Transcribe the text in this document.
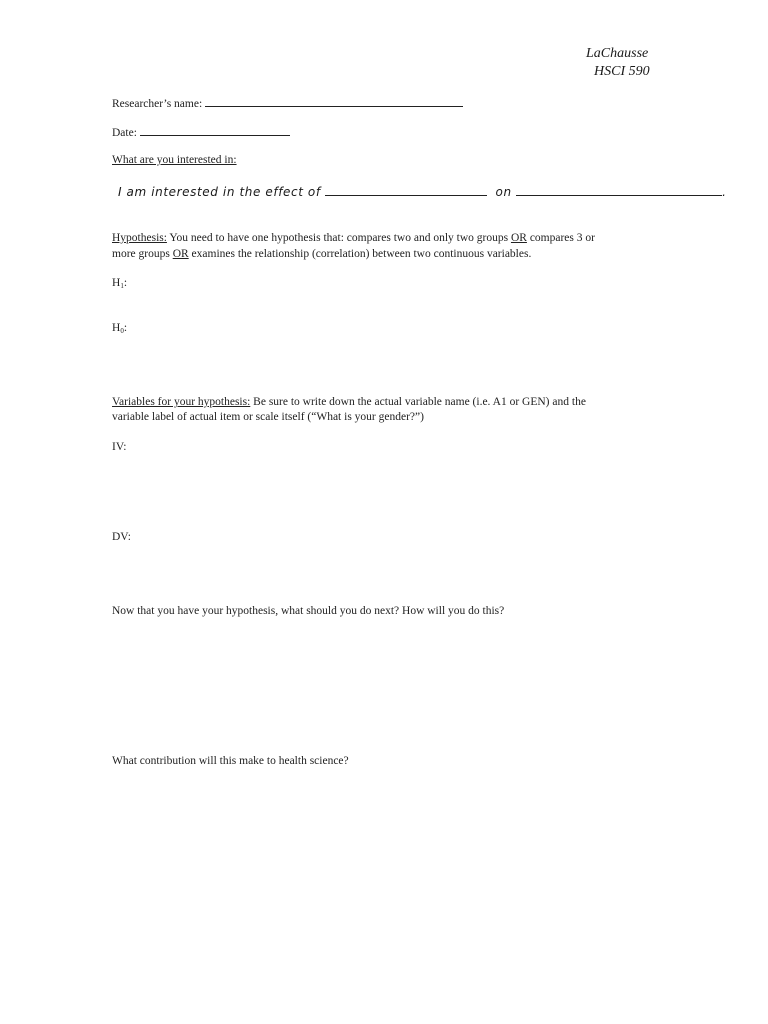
LaChausse
HSCI 590
Researcher’s name:
Date:
What are you interested in:
I am interested in the effect of	on	.
Hypothesis: You need to have one hypothesis that: compares two and only two groups OR compares 3 or
more groups OR examines the relationship (correlation) between two continuous variables.
$H_1$:
$H_0$:
Variables for your hypothesis: Be sure to write down the actual variable name (i.e. A1 or GEN) and the
variable label of actual item or scale itself (“What is your gender?”)
IV:
DV:
Now that you have your hypothesis, what should you do next? How will you do this?
What contribution will this make to health science?
